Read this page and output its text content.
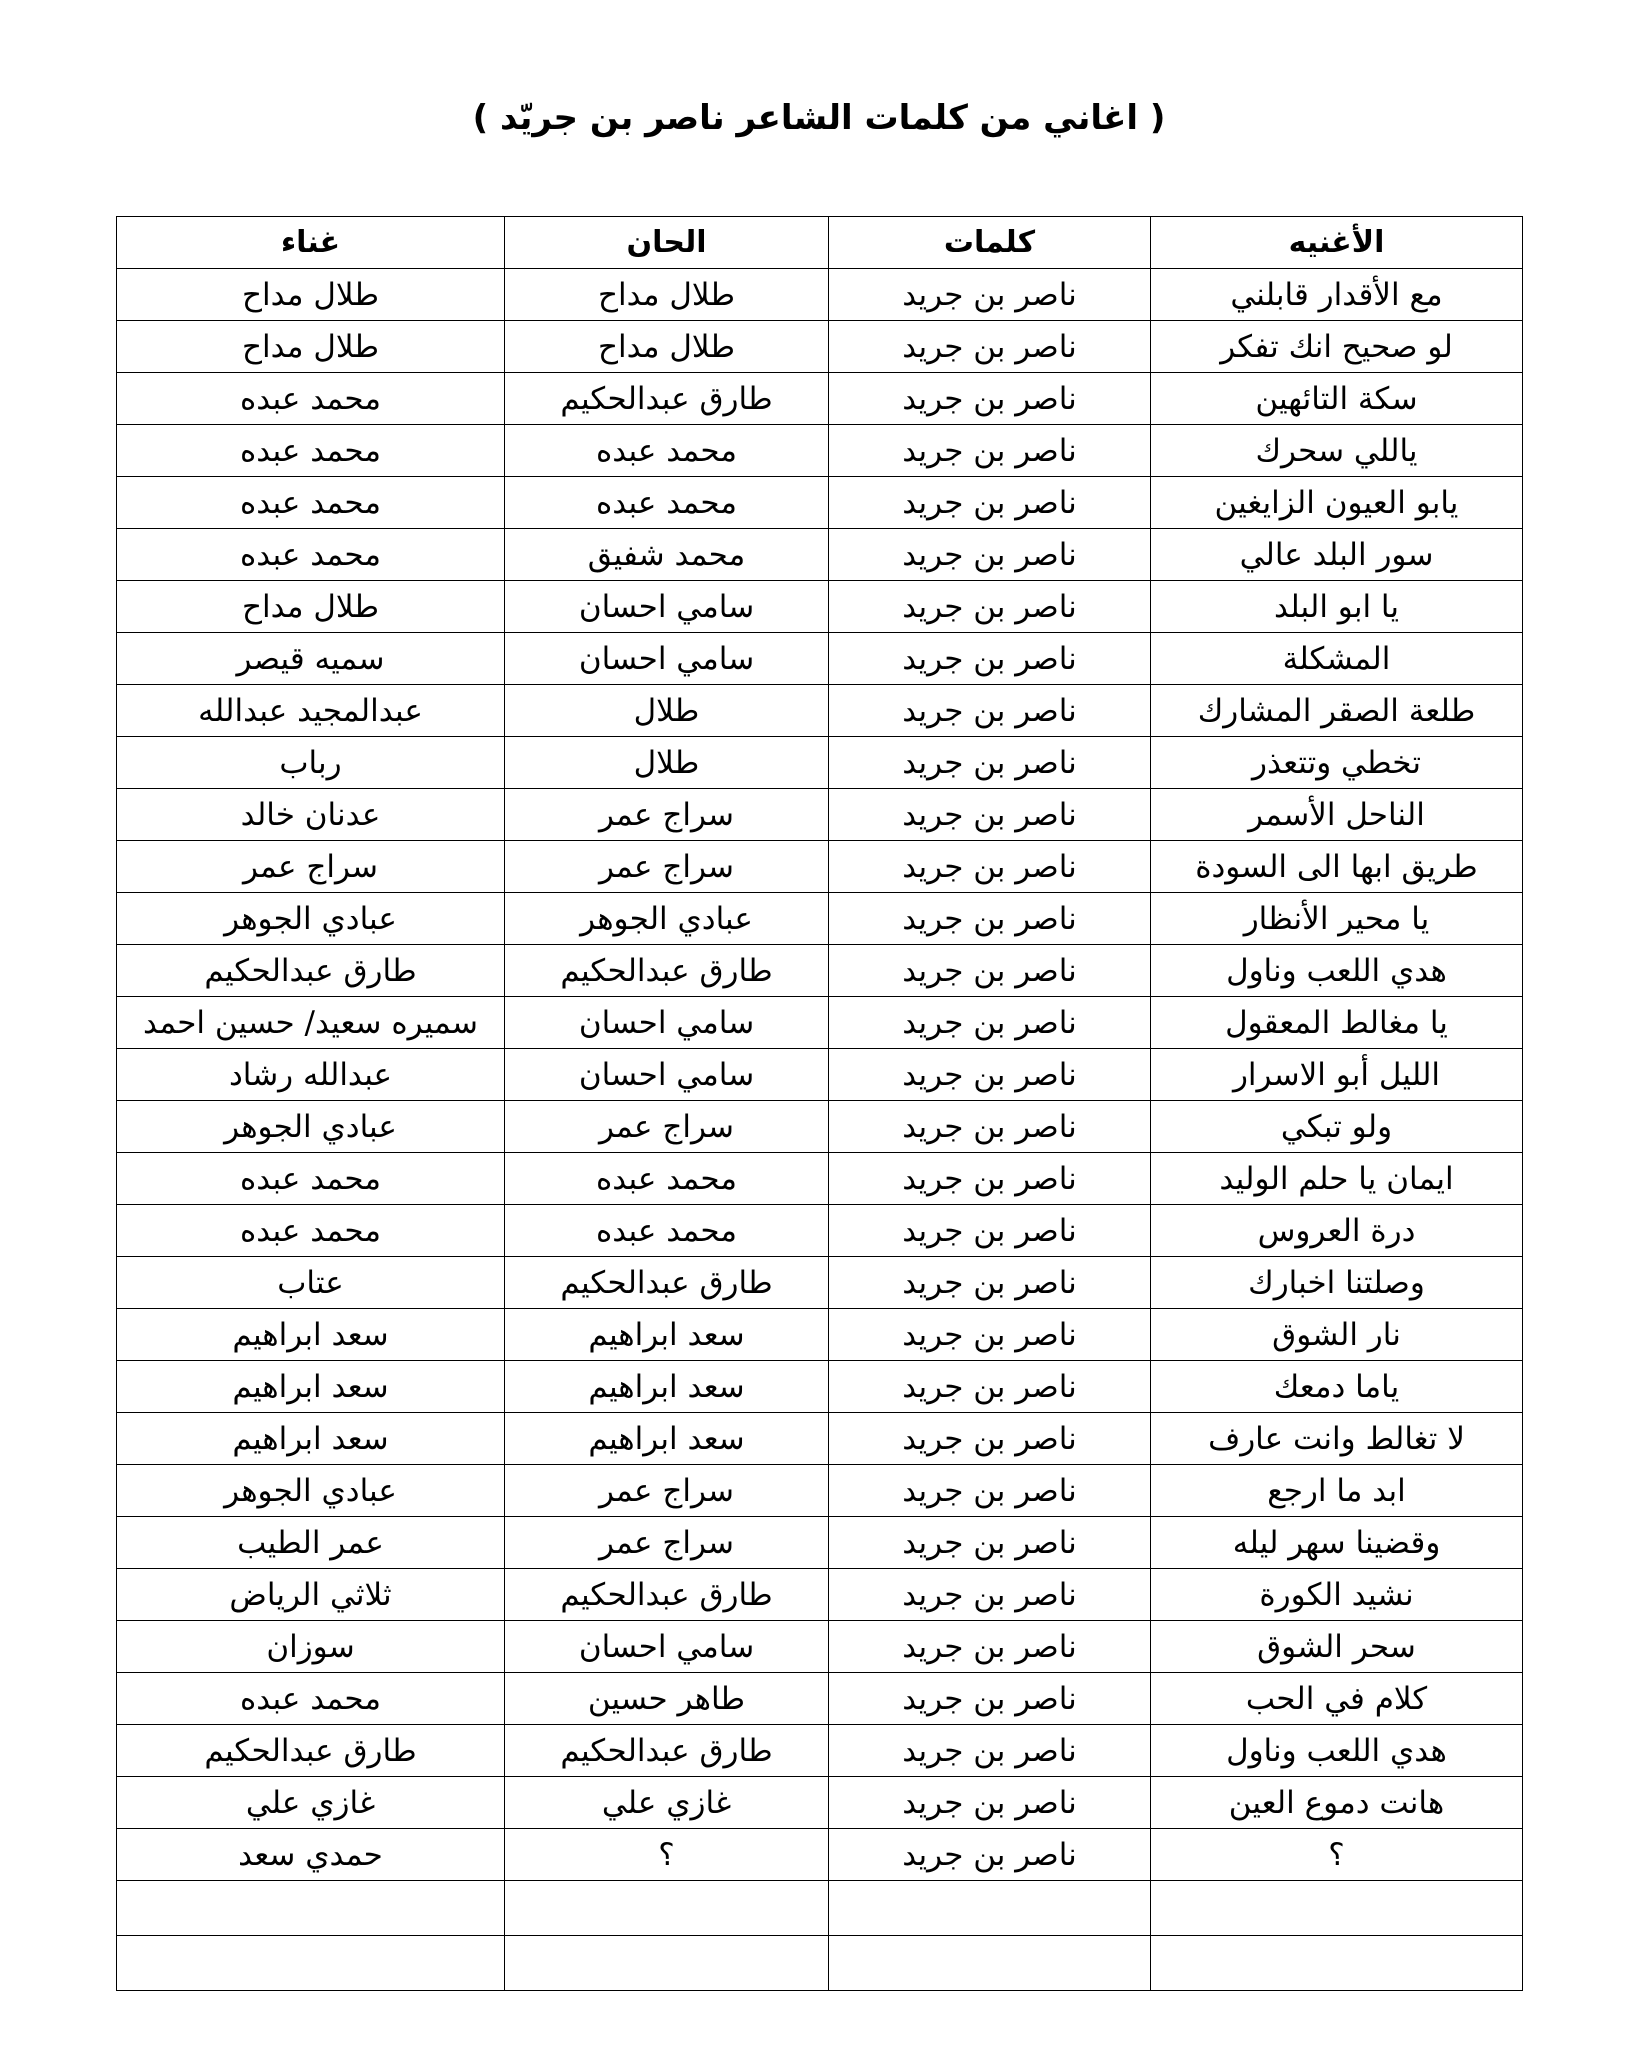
( اغاني من كلمات الشاعر ناصر بن جريّد )
الأغنيه	كلمات	الحان	غناء
مع الأقدار قابلني	ناصر بن جريد	طلال مداح	طلال مداح
لو صحيح انك تفكر	ناصر بن جريد	طلال مداح	طلال مداح
سكة التائهين	ناصر بن جريد	طارق عبدالحكيم	محمد عبده
ياللي سحرك	ناصر بن جريد	محمد عبده	محمد عبده
يابو العيون الزايغين	ناصر بن جريد	محمد عبده	محمد عبده
سور البلد عالي	ناصر بن جريد	محمد شفيق	محمد عبده
يا ابو البلد	ناصر بن جريد	سامي احسان	طلال مداح
المشكلة	ناصر بن جريد	سامي احسان	سميه قيصر
طلعة الصقر المشارك	ناصر بن جريد	طلال	عبدالمجيد عبدالله
تخطي وتتعذر	ناصر بن جريد	طلال	رباب
الناحل الأسمر	ناصر بن جريد	سراج عمر	عدنان خالد
طريق ابها الى السودة	ناصر بن جريد	سراج عمر	سراج عمر
يا محير الأنظار	ناصر بن جريد	عبادي الجوهر	عبادي الجوهر
هدي اللعب وناول	ناصر بن جريد	طارق عبدالحكيم	طارق عبدالحكيم
يا مغالط المعقول	ناصر بن جريد	سامي احسان	سميره سعيد/ حسين احمد
الليل أبو الاسرار	ناصر بن جريد	سامي احسان	عبدالله رشاد
ولو تبكي	ناصر بن جريد	سراج عمر	عبادي الجوهر
ايمان يا حلم الوليد	ناصر بن جريد	محمد عبده	محمد عبده
درة العروس	ناصر بن جريد	محمد عبده	محمد عبده
وصلتنا اخبارك	ناصر بن جريد	طارق عبدالحكيم	عتاب
نار الشوق	ناصر بن جريد	سعد ابراهيم	سعد ابراهيم
ياما دمعك	ناصر بن جريد	سعد ابراهيم	سعد ابراهيم
لا تغالط وانت عارف	ناصر بن جريد	سعد ابراهيم	سعد ابراهيم
ابد ما ارجع	ناصر بن جريد	سراج عمر	عبادي الجوهر
وقضينا سهر ليله	ناصر بن جريد	سراج عمر	عمر الطيب
نشيد الكورة	ناصر بن جريد	طارق عبدالحكيم	ثلاثي الرياض
سحر الشوق	ناصر بن جريد	سامي احسان	سوزان
كلام في الحب	ناصر بن جريد	طاهر حسين	محمد عبده
هدي اللعب وناول	ناصر بن جريد	طارق عبدالحكيم	طارق عبدالحكيم
هانت دموع العين	ناصر بن جريد	غازي علي	غازي علي
؟	ناصر بن جريد	؟	حمدي سعد
